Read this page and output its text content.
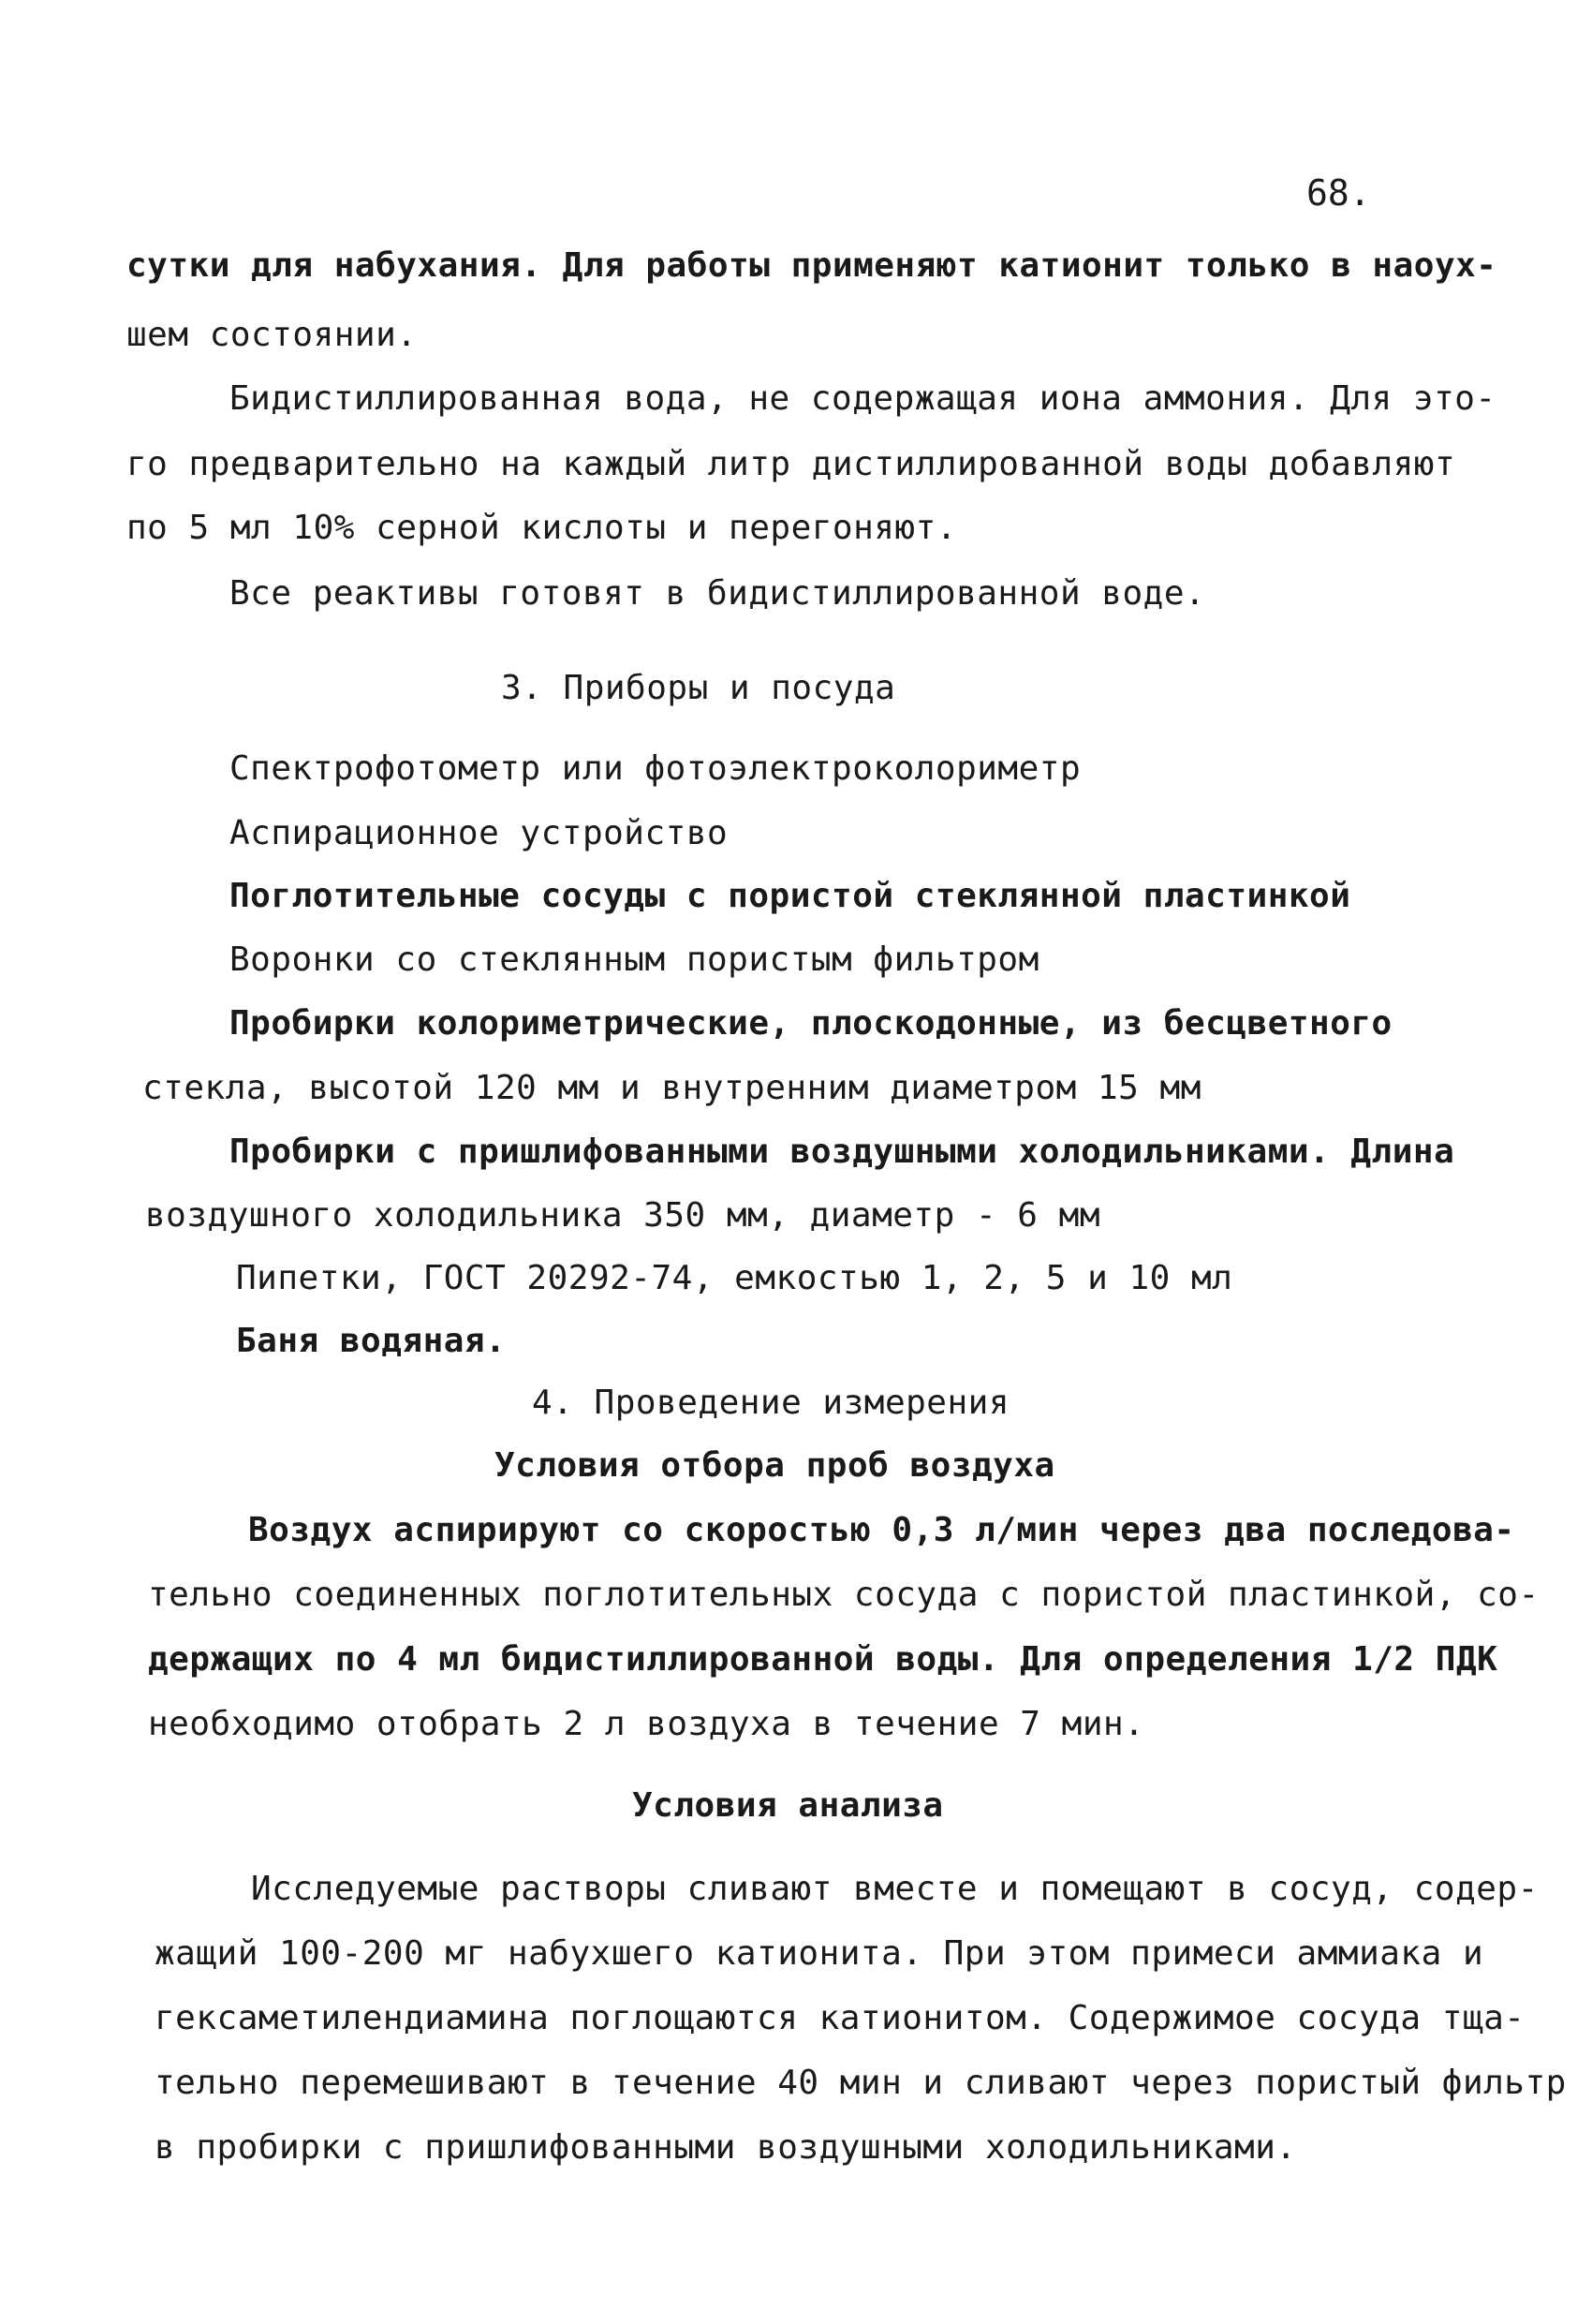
68.
сутки для набухания. Для работы применяют катионит только в наоух-
шем состоянии.
Бидистиллированная вода, не содержащая иона аммония. Для это-
го предварительно на каждый литр дистиллированной воды добавляют
по 5 мл 10% серной кислоты и перегоняют.
Все реактивы готовят в бидистиллированной воде.
3. Приборы и посуда
Спектрофотометр или фотоэлектроколориметр
Аспирационное устройство
Поглотительные сосуды с пористой стеклянной пластинкой
Воронки со стеклянным пористым фильтром
Пробирки колориметрические, плоскодонные, из бесцветного
стекла, высотой 120 мм и внутренним диаметром 15 мм
Пробирки с пришлифованными воздушными холодильниками. Длина
воздушного холодильника 350 мм, диаметр - 6 мм
Пипетки, ГОСТ 20292-74, емкостью 1, 2, 5 и 10 мл
Баня водяная.
4. Проведение измерения
Условия отбора проб воздуха
Воздух аспирируют со скоростью 0,3 л/мин через два последова-
тельно соединенных поглотительных сосуда с пористой пластинкой, со-
держащих по 4 мл бидистиллированной воды. Для определения 1/2 ПДК
необходимо отобрать 2 л воздуха в течение 7 мин.
Условия анализа
Исследуемые растворы сливают вместе и помещают в сосуд, содер-
жащий 100-200 мг набухшего катионита. При этом примеси аммиака и
гексаметилендиамина поглощаются катионитом. Содержимое сосуда тща-
тельно перемешивают в течение 40 мин и сливают через пористый фильтр
в пробирки с пришлифованными воздушными холодильниками.
